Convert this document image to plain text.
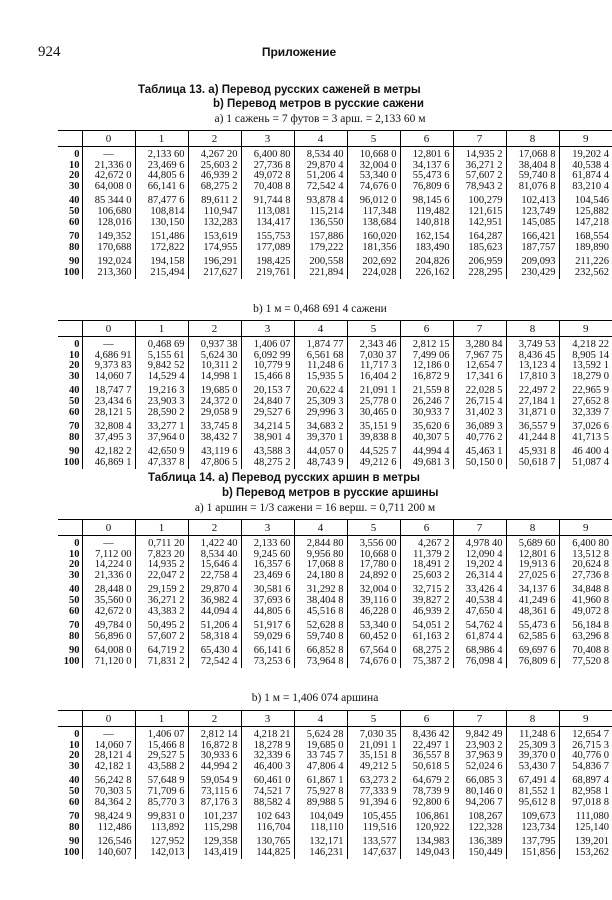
924	Приложение
Таблица 13. a) Перевод русских саженей в метры
b) Перевод метров в русские сажени
a) 1 сажень = 7 футов = 3 арш. = 2,133 60 м
	0	1	2	3	4	5	6	7	8	9
0	—	2,133 60	4,267 20	6,400 80	8,534 40	10,668 0	12,801 6	14,935 2	17,068 8	19,202 4
10	21,336 0	23,469 6	25,603 2	27,736 8	29,870 4	32,004 0	34,137 6	36,271 2	38,404 8	40,538 4
20	42,672 0	44,805 6	46,939 2	49,072 8	51,206 4	53,340 0	55,473 6	57,607 2	59,740 8	61,874 4
30	64,008 0	66,141 6	68,275 2	70,408 8	72,542 4	74,676 0	76,809 6	78,943 2	81,076 8	83,210 4
40	85 344 0	87,477 6	89,611 2	91,744 8	93,878 4	96,012 0	98,145 6	100,279	102,413	104,546
50	106,680	108,814	110,947	113,081	115,214	117,348	119,482	121,615	123,749	125,882
60	128,016	130,150	132,283	134,417	136,550	138,684	140,818	142,951	145,085	147,218
70	149,352	151,486	153,619	155,753	157,886	160,020	162,154	164,287	166,421	168,554
80	170,688	172,822	174,955	177,089	179,222	181,356	183,490	185,623	187,757	189,890
90	192,024	194,158	196,291	198,425	200,558	202,692	204,826	206,959	209,093	211,226
100	213,360	215,494	217,627	219,761	221,894	224,028	226,162	228,295	230,429	232,562
b) 1 м = 0,468 691 4 сажени
	0	1	2	3	4	5	6	7	8	9
0	—	0,468 69	0,937 38	1,406 07	1,874 77	2,343 46	2,812 15	3,280 84	3,749 53	4,218 22
10	4,686 91	5,155 61	5,624 30	6,092 99	6,561 68	7,030 37	7,499 06	7,967 75	8,436 45	8,905 14
20	9,373 83	9,842 52	10,311 2	10,779 9	11,248 6	11,717 3	12,186 0	12,654 7	13,123 4	13,592 1
30	14,060 7	14,529 4	14,998 1	15,466 8	15,935 5	16,404 2	16,872 9	17,341 6	17,810 3	18,279 0
40	18,747 7	19,216 3	19,685 0	20,153 7	20,622 4	21,091 1	21,559 8	22,028 5	22,497 2	22,965 9
50	23,434 6	23,903 3	24,372 0	24,840 7	25,309 3	25,778 0	26,246 7	26,715 4	27,184 1	27,652 8
60	28,121 5	28,590 2	29,058 9	29,527 6	29,996 3	30,465 0	30,933 7	31,402 3	31,871 0	32,339 7
70	32,808 4	33,277 1	33,745 8	34,214 5	34,683 2	35,151 9	35,620 6	36,089 3	36,557 9	37,026 6
80	37,495 3	37,964 0	38,432 7	38,901 4	39,370 1	39,838 8	40,307 5	40,776 2	41,244 8	41,713 5
90	42,182 2	42,650 9	43,119 6	43,588 3	44,057 0	44,525 7	44,994 4	45,463 1	45,931 8	46 400 4
100	46,869 1	47,337 8	47,806 5	48,275 2	48,743 9	49,212 6	49,681 3	50,150 0	50,618 7	51,087 4
Таблица 14. a) Перевод русских аршин в метры
b) Перевод метров в русские аршины
a) 1 аршин = 1/3 сажени = 16 верш. = 0,711 200 м
	0	1	2	3	4	5	6	7	8	9
0	—	0,711 20	1,422 40	2,133 60	2,844 80	3,556 00	4,267 2	4,978 40	5,689 60	6,400 80
10	7,112 00	7,823 20	8,534 40	9,245 60	9,956 80	10,668 0	11,379 2	12,090 4	12,801 6	13,512 8
20	14,224 0	14,935 2	15,646 4	16,357 6	17,068 8	17,780 0	18,491 2	19,202 4	19,913 6	20,624 8
30	21,336 0	22,047 2	22,758 4	23,469 6	24,180 8	24,892 0	25,603 2	26,314 4	27,025 6	27,736 8
40	28,448 0	29,159 2	29,870 4	30,581 6	31,292 8	32,004 0	32,715 2	33,426 4	34,137 6	34,848 8
50	35,560 0	36,271 2	36,982 4	37,693 6	38,404 8	39,116 0	39,827 2	40,538 4	41,249 6	41,960 8
60	42,672 0	43,383 2	44,094 4	44,805 6	45,516 8	46,228 0	46,939 2	47,650 4	48,361 6	49,072 8
70	49,784 0	50,495 2	51,206 4	51,917 6	52,628 8	53,340 0	54,051 2	54,762 4	55,473 6	56,184 8
80	56,896 0	57,607 2	58,318 4	59,029 6	59,740 8	60,452 0	61,163 2	61,874 4	62,585 6	63,296 8
90	64,008 0	64,719 2	65,430 4	66,141 6	66,852 8	67,564 0	68,275 2	68,986 4	69,697 6	70,408 8
100	71,120 0	71,831 2	72,542 4	73,253 6	73,964 8	74,676 0	75,387 2	76,098 4	76,809 6	77,520 8
b) 1 м = 1,406 074 аршина
	0	1	2	3	4	5	6	7	8	9
0	—	1,406 07	2,812 14	4,218 21	5,624 28	7,030 35	8,436 42	9,842 49	11,248 6	12,654 7
10	14,060 7	15,466 8	16,872 8	18,278 9	19,685 0	21,091 1	22,497 1	23,903 2	25,309 3	26,715 3
20	28,121 4	29,527 5	30,933 6	32,339 6	33 745 7	35,151 8	36,557 8	37,963 9	39,370 0	40,776 0
30	42,182 1	43,588 2	44,994 2	46,400 3	47,806 4	49,212 5	50,618 5	52,024 6	53,430 7	54,836 7
40	56,242 8	57,648 9	59,054 9	60,461 0	61,867 1	63,273 2	64,679 2	66,085 3	67,491 4	68,897 4
50	70,303 5	71,709 6	73,115 6	74,521 7	75,927 8	77,333 9	78,739 9	80,146 0	81,552 1	82,958 1
60	84,364 2	85,770 3	87,176 3	88,582 4	89,988 5	91,394 6	92,800 6	94,206 7	95,612 8	97,018 8
70	98,424 9	99,831 0	101,237	102 643	104,049	105,455	106,861	108,267	109,673	111,080
80	112,486	113,892	115,298	116,704	118,110	119,516	120,922	122,328	123,734	125,140
90	126,546	127,952	129,358	130,765	132,171	133,577	134,983	136,389	137,795	139,201
100	140,607	142,013	143,419	144,825	146,231	147,637	149,043	150,449	151,856	153,262
